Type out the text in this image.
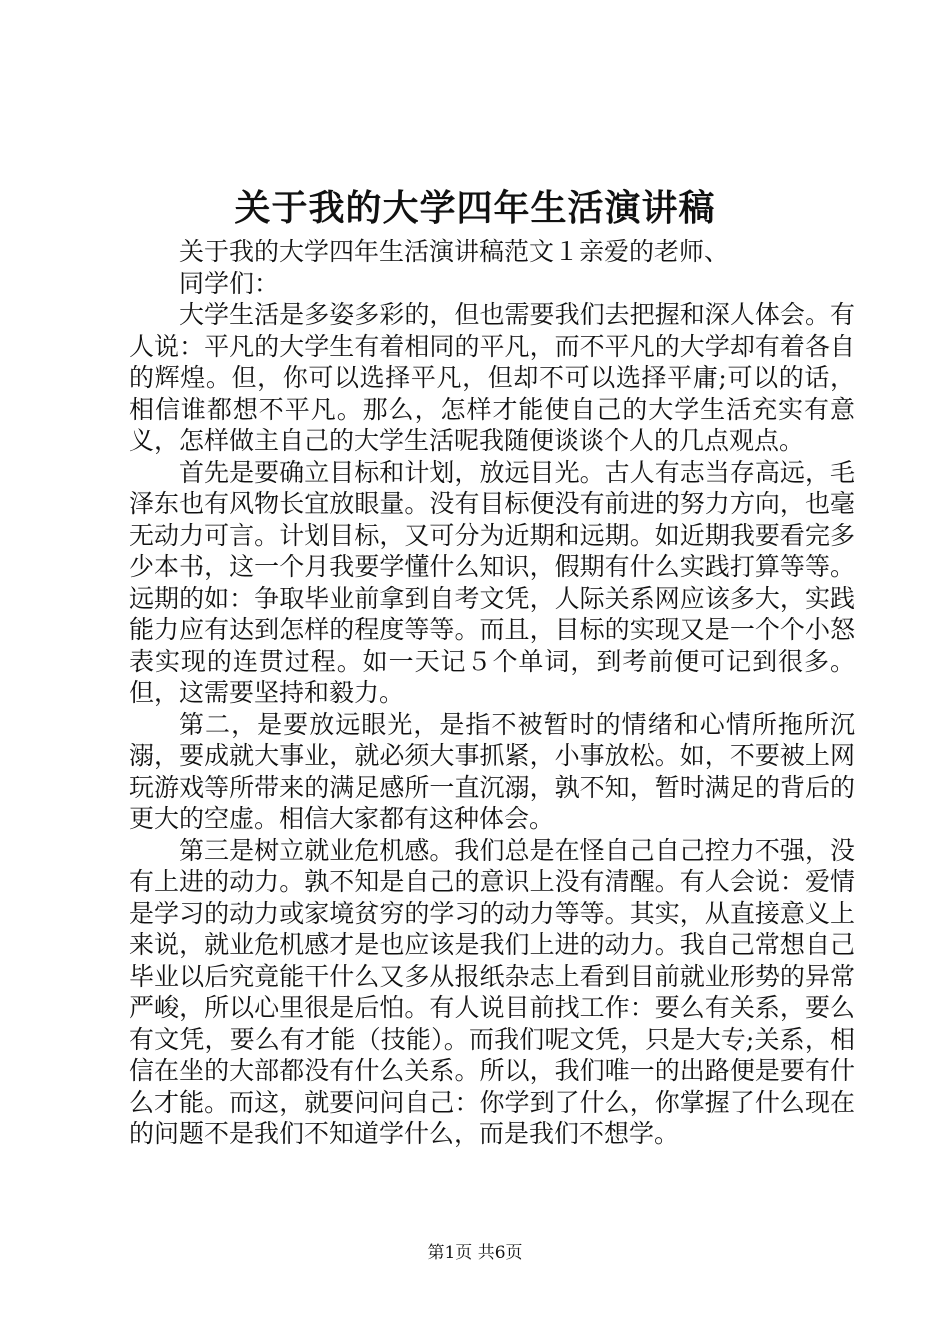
关于我的大学四年生活演讲稿

关于我的大学四年生活演讲稿范文１亲爱的老师、

同学们：

大学生活是多姿多彩的，但也需要我们去把握和深人体会。有人说：平凡的大学生有着相同的平凡，而不平凡的大学却有着各自的辉煌。但，你可以选择平凡，但却不可以选择平庸;可以的话，相信谁都想不平凡。那么，怎样才能使自己的大学生活充实有意义，怎样做主自己的大学生活呢我随便谈谈个人的几点观点。

首先是要确立目标和计划，放远目光。古人有志当存高远，毛泽东也有风物长宜放眼量。没有目标便没有前进的努力方向，也毫无动力可言。计划目标，又可分为近期和远期。如近期我要看完多少本书，这一个月我要学懂什么知识，假期有什么实践打算等等。远期的如：争取毕业前拿到自考文凭，人际关系网应该多大，实践能力应有达到怎样的程度等等。而且，目标的实现又是一个个小怒表实现的连贯过程。如一天记５个单词，到考前便可记到很多。但，这需要坚持和毅力。

第二，是要放远眼光，是指不被暂时的情绪和心情所拖所沉溺，要成就大事业，就必须大事抓紧，小事放松。如，不要被上网玩游戏等所带来的满足感所一直沉溺，孰不知，暂时满足的背后的更大的空虚。相信大家都有这种体会。

第三是树立就业危机感。我们总是在怪自己自己控力不强，没有上进的动力。孰不知是自己的意识上没有清醒。有人会说：爱情是学习的动力或家境贫穷的学习的动力等等。其实，从直接意义上来说，就业危机感才是也应该是我们上进的动力。我自己常想自己毕业以后究竟能干什么又多从报纸杂志上看到目前就业形势的异常严峻，所以心里很是后怕。有人说目前找工作：要么有关系，要么有文凭，要么有才能（技能）。而我们呢文凭，只是大专;关系，相信在坐的大部都没有什么关系。所以，我们唯一的出路便是要有什么才能。而这，就要问问自己：你学到了什么，你掌握了什么现在的问题不是我们不知道学什么，而是我们不想学。

第1页 共6页
